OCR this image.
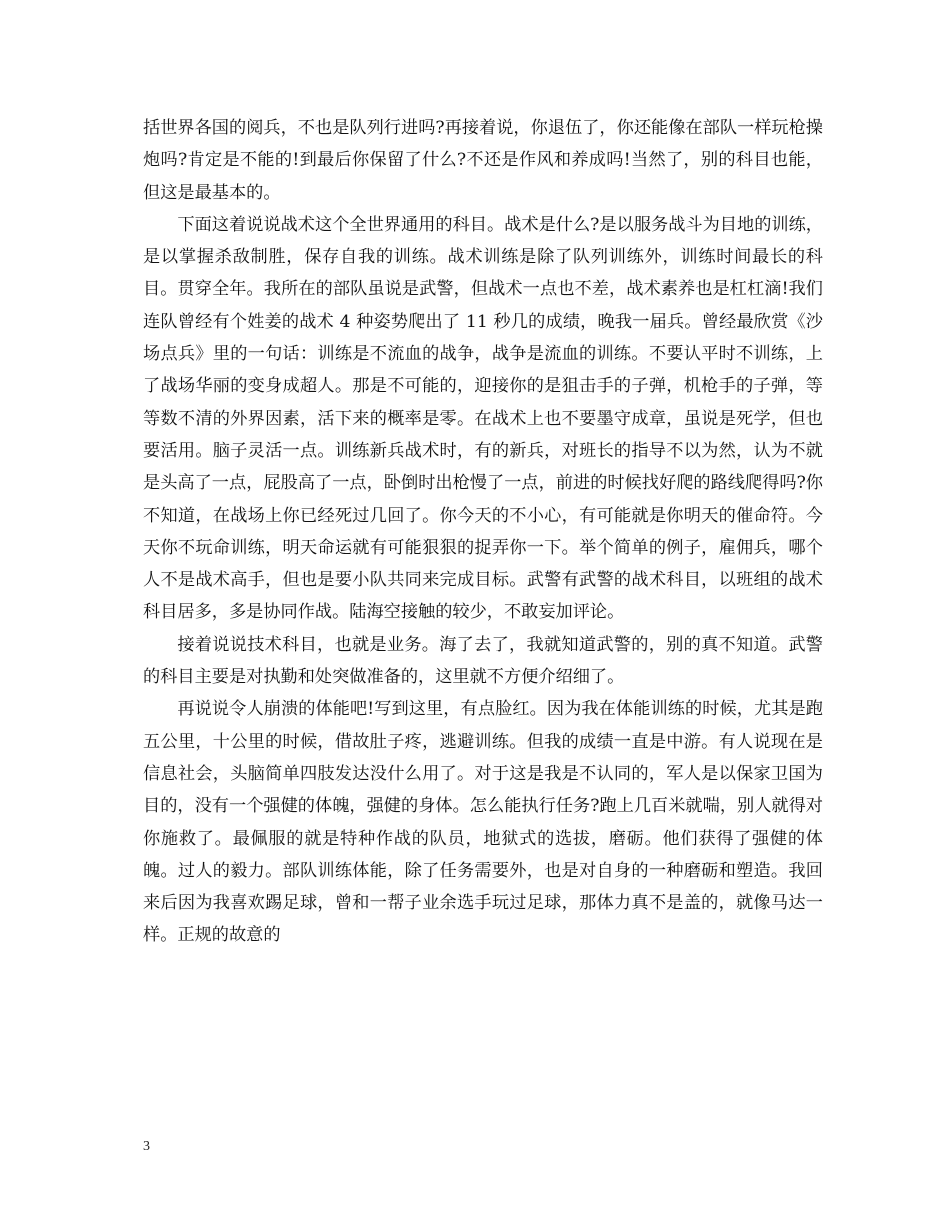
括世界各国的阅兵，不也是队列行进吗?再接着说，你退伍了，你还能像在部队一样玩枪操炮吗?肯定是不能的!到最后你保留了什么?不还是作风和养成吗!当然了，别的科目也能，但这是最基本的。

下面这着说说战术这个全世界通用的科目。战术是什么?是以服务战斗为目地的训练，是以掌握杀敌制胜，保存自我的训练。战术训练是除了队列训练外，训练时间最长的科目。贯穿全年。我所在的部队虽说是武警，但战术一点也不差，战术素养也是杠杠滴!我们连队曾经有个姓姜的战术 4 种姿势爬出了 11 秒几的成绩，晚我一届兵。曾经最欣赏《沙场点兵》里的一句话：训练是不流血的战争，战争是流血的训练。不要认平时不训练，上了战场华丽的变身成超人。那是不可能的，迎接你的是狙击手的子弹，机枪手的子弹，等等数不清的外界因素，活下来的概率是零。在战术上也不要墨守成章，虽说是死学，但也要活用。脑子灵活一点。训练新兵战术时，有的新兵，对班长的指导不以为然，认为不就是头高了一点，屁股高了一点，卧倒时出枪慢了一点，前进的时候找好爬的路线爬得吗?你不知道，在战场上你已经死过几回了。你今天的不小心，有可能就是你明天的催命符。今天你不玩命训练，明天命运就有可能狠狠的捉弄你一下。举个简单的例子，雇佣兵，哪个人不是战术高手，但也是要小队共同来完成目标。武警有武警的战术科目，以班组的战术科目居多，多是协同作战。陆海空接触的较少，不敢妄加评论。

接着说说技术科目，也就是业务。海了去了，我就知道武警的，别的真不知道。武警的科目主要是对执勤和处突做准备的，这里就不方便介绍细了。

再说说令人崩溃的体能吧!写到这里，有点脸红。因为我在体能训练的时候，尤其是跑五公里，十公里的时候，借故肚子疼，逃避训练。但我的成绩一直是中游。有人说现在是信息社会，头脑简单四肢发达没什么用了。对于这是我是不认同的，军人是以保家卫国为目的，没有一个强健的体魄，强健的身体。怎么能执行任务?跑上几百米就喘，别人就得对你施救了。最佩服的就是特种作战的队员，地狱式的选拔，磨砺。他们获得了强健的体魄。过人的毅力。部队训练体能，除了任务需要外，也是对自身的一种磨砺和塑造。我回来后因为我喜欢踢足球，曾和一帮子业余选手玩过足球，那体力真不是盖的，就像马达一样。正规的故意的

3
